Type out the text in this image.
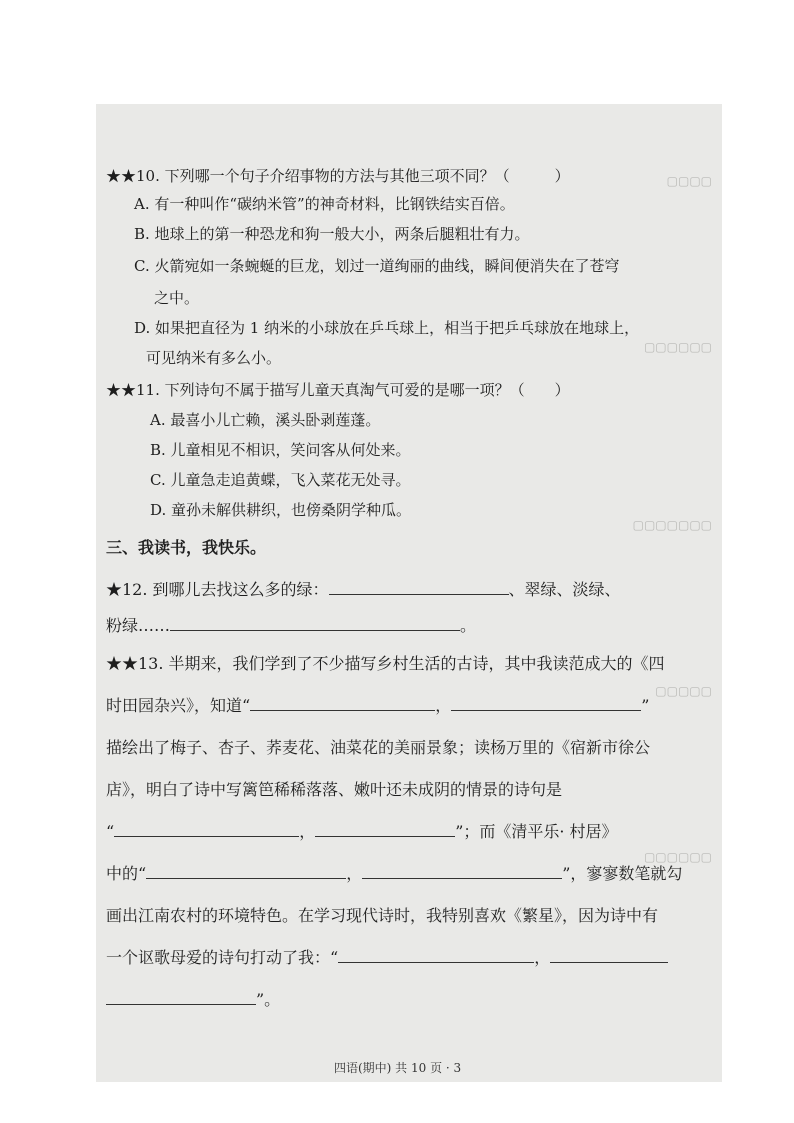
▢▢▢▢
▢▢▢▢▢▢
▢▢▢▢▢▢▢
▢▢▢▢▢
▢▢▢▢▢▢
★★10. 下列哪一个句子介绍事物的方法与其他三项不同？（　　　）
A. 有一种叫作“碳纳米管”的神奇材料，比钢铁结实百倍。
B. 地球上的第一种恐龙和狗一般大小，两条后腿粗壮有力。
C. 火箭宛如一条蜿蜒的巨龙，划过一道绚丽的曲线，瞬间便消失在了苍穹
之中。
D. 如果把直径为 1 纳米的小球放在乒乓球上，相当于把乒乓球放在地球上，
可见纳米有多么小。
★★11. 下列诗句不属于描写儿童天真淘气可爱的是哪一项？（　　）
A. 最喜小儿亡赖，溪头卧剥莲蓬。
B. 儿童相见不相识，笑问客从何处来。
C. 儿童急走追黄蝶，飞入菜花无处寻。
D. 童孙未解供耕织，也傍桑阴学种瓜。
三、我读书，我快乐。
★12. 到哪儿去找这么多的绿：	、翠绿、淡绿、
粉绿……	。
★★13. 半期来，我们学到了不少描写乡村生活的古诗，其中我读范成大的《四
时田园杂兴》，知道“	，	”
描绘出了梅子、杏子、荞麦花、油菜花的美丽景象；读杨万里的《宿新市徐公
店》，明白了诗中写篱笆稀稀落落、嫩叶还未成阴的情景的诗句是
“	，	”；而《清平乐· 村居》
中的“	，	”，寥寥数笔就勾
画出江南农村的环境特色。在学习现代诗时，我特别喜欢《繁星》，因为诗中有
一个讴歌母爱的诗句打动了我：“	，
”。
四语(期中) 共 10 页 · 3
